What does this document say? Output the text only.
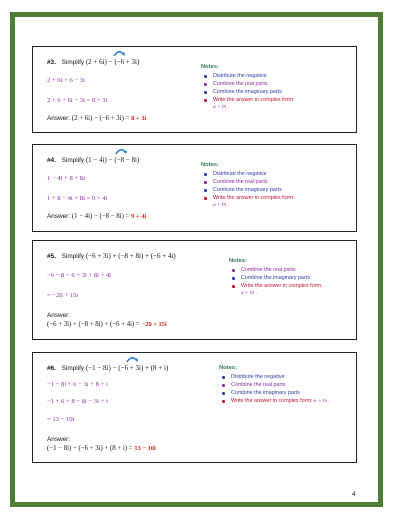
#3. Simplify (2 + 6i) − (−6 + 3i)
2 + 6i + 6 − 3i
2 + 6 + 6i − 3i = 8 + 3i
Answer: (2 + 6i) − (−6 + 3i) = 8 + 3i
Notes:
Distribute the negative
Combine the real parts
Combine the imaginary parts
Write the answer in complex form:
a + bi .
#4. Simplify (1 − 4i) − (−8 − 8i)
1 − 4i + 8 + 8i
1 + 8 − 4i + 8i = 9 + 4i
Answer: (1 − 4i) − (−8 − 8i) = 9 + 4i
Notes:
Distribute the negative
Combine the real parts
Combine the imaginary parts
Write the answer in complex form:
a + bi .
#5. Simplify (−6 + 3i) + (−8 + 8i) + (−6 + 4i)
−6 − 8 − 6 + 3i + 8i + 4i
= −20 + 15i
Answer:
(−6 + 3i) + (−8 + 8i) + (−6 + 4i) = −20 + 15i
Notes:
Combine the real parts
Combine the imaginary parts
Write the answer in complex form:
a + bi .
#6. Simplify (−1 − 8i) − (−6 + 3i) + (8 + i)
−1 − 8i + 6 − 3i + 8 + i
−1 + 6 + 8 − 8i − 3i + i
= 13 − 10i
Answer:
(−1 − 8i) − (−6 + 3i) + (8 + i) = 13 − 10i
Notes:
Distribute the negative
Combine the real parts
Combine the imaginary parts
Write the answer in complex form: a + bi .
4
